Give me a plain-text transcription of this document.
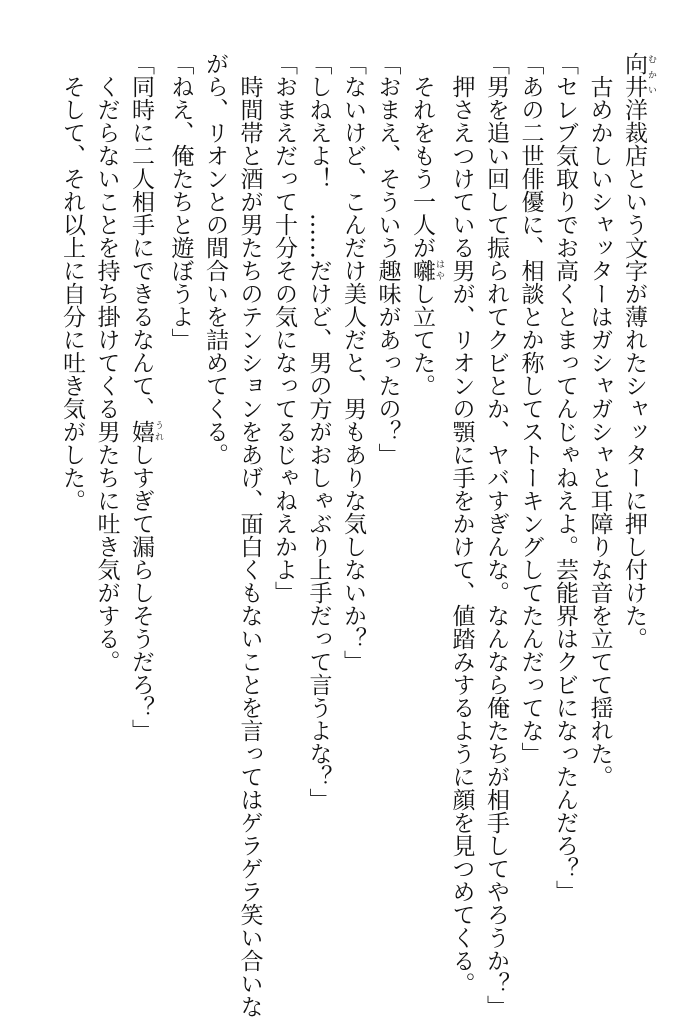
向井 むかい洋裁店という文字が薄れたシャッターに押し付けた。
古めかしいシャッターはガシャガシャと耳障りな音を立てて揺れた。
「セレブ気取りでお高くとまってんじゃねえよ。芸能界はクビになったんだろ？」
「あの二世俳優に、相談とか称してストーキングしてたんだってな」
「男を追い回して振られてクビとか、ヤバすぎんな。なんなら俺たちが相手してやろうか？」
押さえつけている男が、リオンの顎に手をかけて、値踏みするように顔を見つめてくる。
それをもう一人が囃 はやし立てた。
「おまえ、そういう趣味があったの？」
「ないけど、こんだけ美人だと、男もありな気しないか？」
「しねえよ！　……だけど、男の方がおしゃぶり上手だって言うよな？」
「おまえだって十分その気になってるじゃねえかよ」
時間帯と酒が男たちのテンションをあげ、面白くもないことを言ってはゲラゲラ笑い合いな
がら、リオンとの間合いを詰めてくる。
「ねえ、俺たちと遊ぼうよ」
「同時に二人相手にできるなんて、嬉 うれしすぎて漏らしそうだろ？」
くだらないことを持ち掛けてくる男たちに吐き気がする。
そして、それ以上に自分に吐き気がした。
